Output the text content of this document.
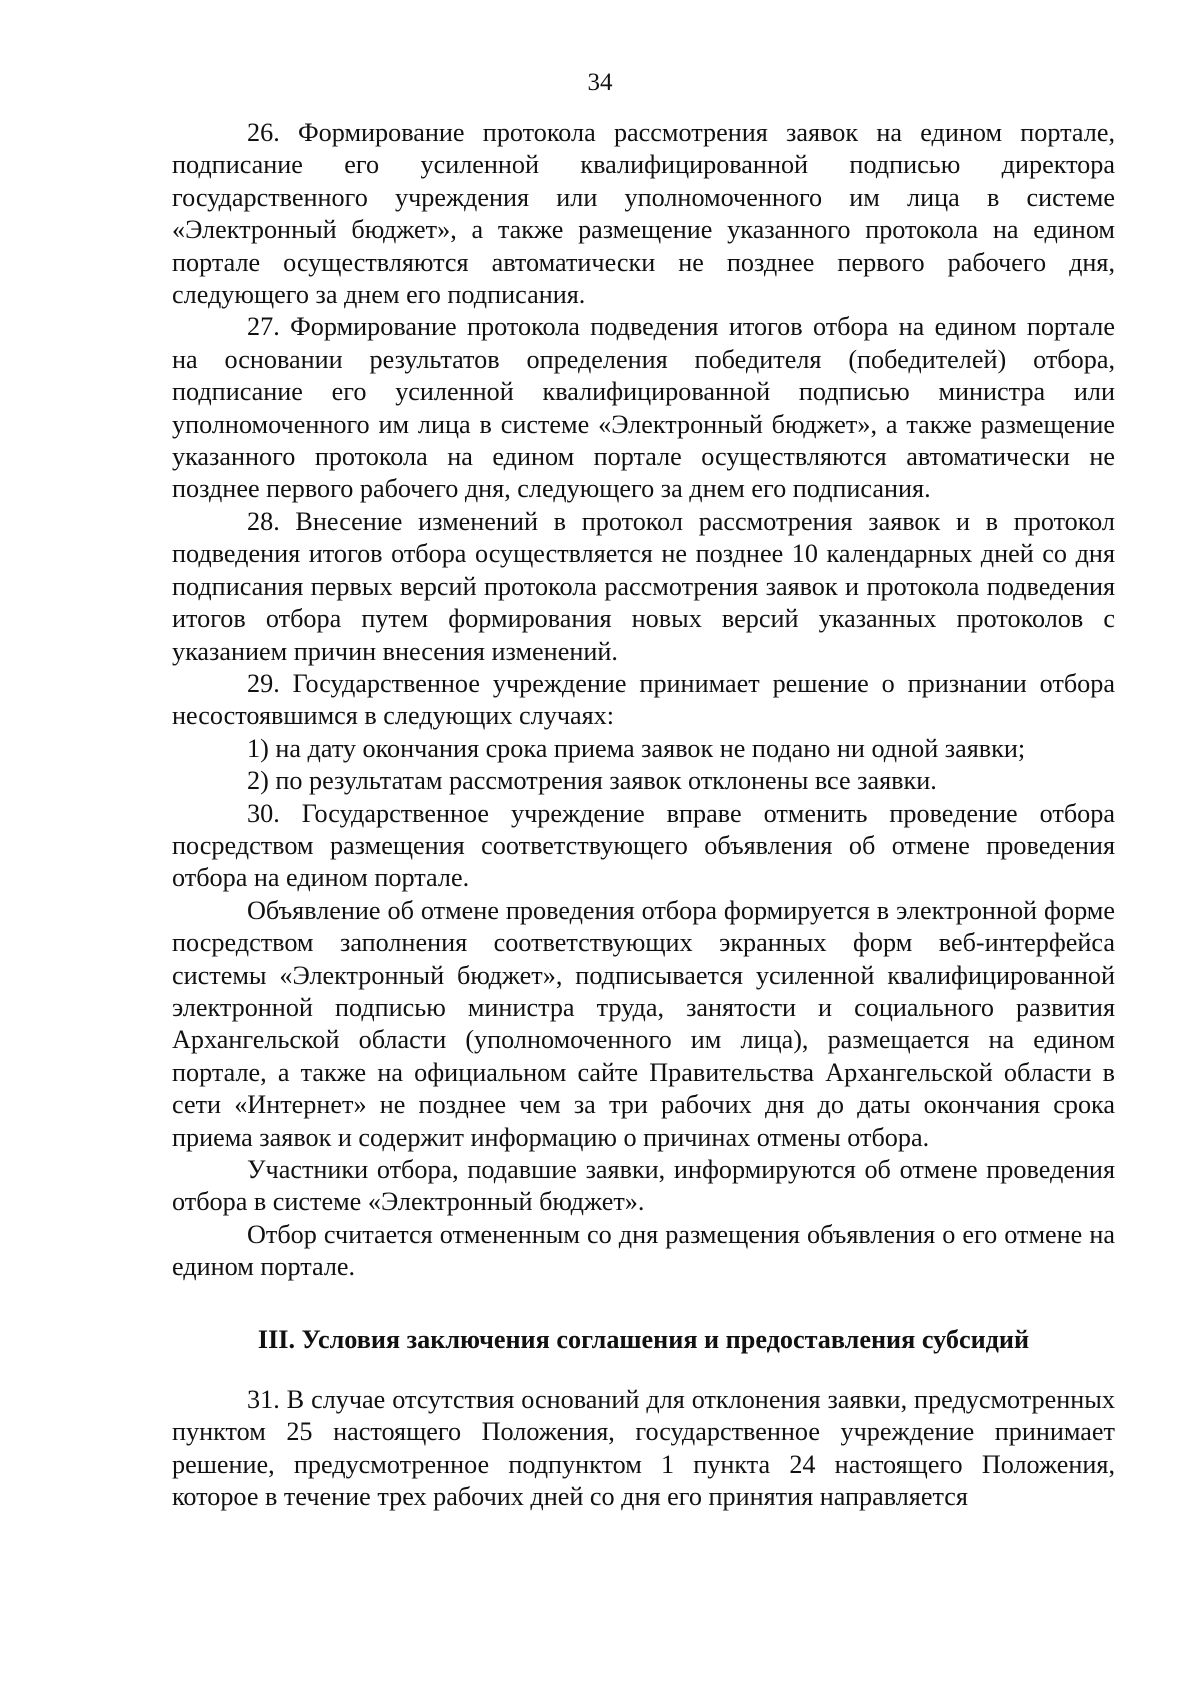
34

26. Формирование протокола рассмотрения заявок на едином портале, подписание его усиленной квалифицированной подписью директора государственного учреждения или уполномоченного им лица в системе «Электронный бюджет», а также размещение указанного протокола на едином портале осуществляются автоматически не позднее первого рабочего дня, следующего за днем его подписания.

27. Формирование протокола подведения итогов отбора на едином портале на основании результатов определения победителя (победителей) отбора, подписание его усиленной квалифицированной подписью министра или уполномоченного им лица в системе «Электронный бюджет», а также размещение указанного протокола на едином портале осуществляются автоматически не позднее первого рабочего дня, следующего за днем его подписания.

28. Внесение изменений в протокол рассмотрения заявок и в протокол подведения итогов отбора осуществляется не позднее 10 календарных дней со дня подписания первых версий протокола рассмотрения заявок и протокола подведения итогов отбора путем формирования новых версий указанных протоколов с указанием причин внесения изменений.

29. Государственное учреждение принимает решение о признании отбора несостоявшимся в следующих случаях:

1) на дату окончания срока приема заявок не подано ни одной заявки;

2) по результатам рассмотрения заявок отклонены все заявки.

30. Государственное учреждение вправе отменить проведение отбора посредством размещения соответствующего объявления об отмене проведения отбора на едином портале.

Объявление об отмене проведения отбора формируется в электронной форме посредством заполнения соответствующих экранных форм веб-интерфейса системы «Электронный бюджет», подписывается усиленной квалифицированной электронной подписью министра труда, занятости и социального развития Архангельской области (уполномоченного им лица), размещается на едином портале, а также на официальном сайте Правительства Архангельской области в сети «Интернет» не позднее чем за три рабочих дня до даты окончания срока приема заявок и содержит информацию о причинах отмены отбора.

Участники отбора, подавшие заявки, информируются об отмене проведения отбора в системе «Электронный бюджет».

Отбор считается отмененным со дня размещения объявления о его отмене на едином портале.

III. Условия заключения соглашения и предоставления субсидий

31. В случае отсутствия оснований для отклонения заявки, предусмотренных пунктом 25 настоящего Положения, государственное учреждение принимает решение, предусмотренное подпунктом 1 пункта 24 настоящего Положения, которое в течение трех рабочих дней со дня его принятия направляется
